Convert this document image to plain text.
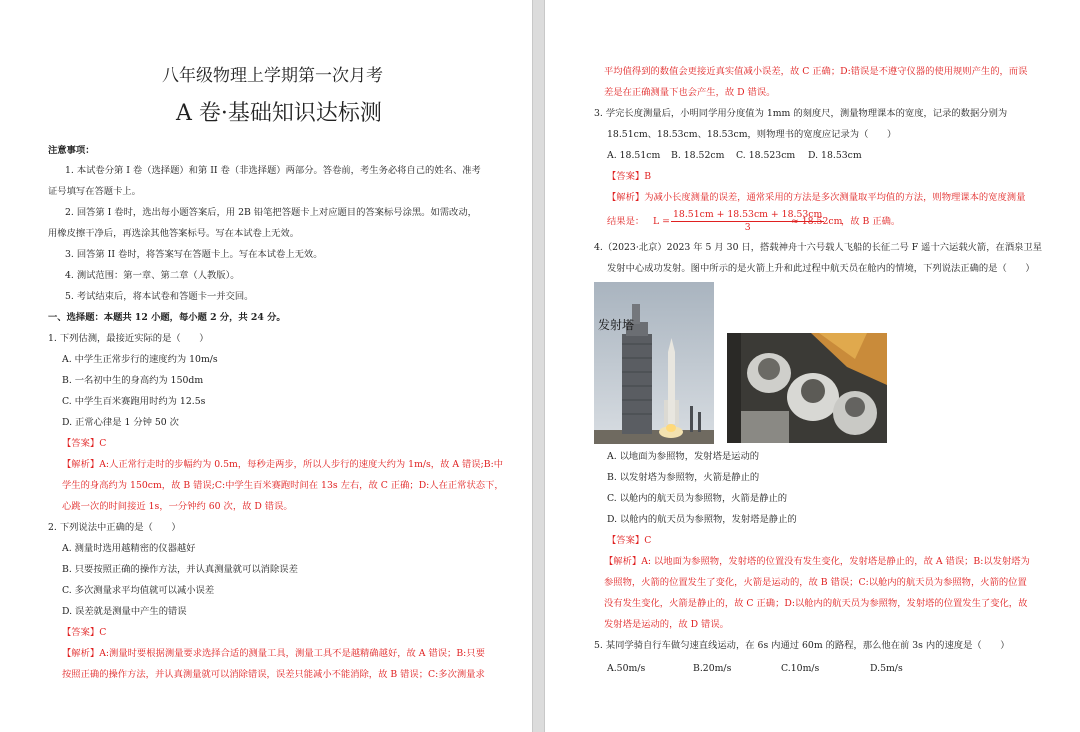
八年级物理上学期第一次月考
A 卷·基础知识达标测
注意事项：
1. 本试卷分第 I 卷（选择题）和第 II 卷（非选择题）两部分。答卷前，考生务必将自己的姓名、准考
证号填写在答题卡上。
2. 回答第 I 卷时，选出每小题答案后，用 2B 铅笔把答题卡上对应题目的答案标号涂黑。如需改动，
用橡皮擦干净后，再选涂其他答案标号。写在本试卷上无效。
3. 回答第 II 卷时，将答案写在答题卡上。写在本试卷上无效。
4. 测试范围：第一章、第二章（人教版）。
5. 考试结束后，将本试卷和答题卡一并交回。
一、选择题：本题共 12 小题，每小题 2 分，共 24 分。
1. 下列估测，最接近实际的是（　　）
A. 中学生正常步行的速度约为 10m/s
B. 一名初中生的身高约为 150dm
C. 中学生百米赛跑用时约为 12.5s
D. 正常心律是 1 分钟 50 次
【答案】C
【解析】A:人正常行走时的步幅约为 0.5m，每秒走两步，所以人步行的速度大约为 1m/s，故 A 错误;B:中
学生的身高约为 150cm，故 B 错误;C:中学生百米赛跑时间在 13s 左右，故 C 正确；D:人在正常状态下，
心跳一次的时间接近 1s，一分钟约 60 次，故 D 错误。
2. 下列说法中正确的是（　　）
A. 测量时选用越精密的仪器越好
B. 只要按照正确的操作方法，并认真测量就可以消除误差
C. 多次测量求平均值就可以减小误差
D. 误差就是测量中产生的错误
【答案】C
【解析】A:测量时要根据测量要求选择合适的测量工具，测量工具不是越精确越好，故 A 错误；B:只要
按照正确的操作方法，并认真测量就可以消除错误，误差只能减小不能消除，故 B 错误；C:多次测量求
平均值得到的数值会更接近真实值减小误差，故 C 正确；D:错误是不遵守仪器的使用规则产生的，而误
差是在正确测量下也会产生，故 D 错误。
3. 学完长度测量后，小明同学用分度值为 1mm 的刻度尺，测量物理课本的宽度，记录的数据分别为
18.51cm、18.53cm、18.53cm，则物理书的宽度应记录为（　　）
A. 18.51cm B. 18.52cm C. 18.523cm D. 18.53cm
【答案】B
【解析】为减小长度测量的误差，通常采用的方法是多次测量取平均值的方法，则物理课本的宽度测量
结果是： $L = \frac{18.51cm + 18.53cm + 18.53cm}{3}$
≈ 18.52cm
，故 B 正确。
4.（2023·北京）2023 年 5 月 30 日，搭载神舟十六号载人飞船的长征二号 F 遥十六运载火箭，在酒泉卫星
发射中心成功发射。图中所示的是火箭上升和此过程中航天员在舱内的情境，下列说法正确的是（　　）
发射塔
A. 以地面为参照物，发射塔是运动的
B. 以发射塔为参照物，火箭是静止的
C. 以舱内的航天员为参照物，火箭是静止的
D. 以舱内的航天员为参照物，发射塔是静止的
【答案】C
【解析】A: 以地面为参照物，发射塔的位置没有发生变化，发射塔是静止的，故 A 错误；B:以发射塔为
参照物，火箭的位置发生了变化，火箭是运动的，故 B 错误；C:以舱内的航天员为参照物，火箭的位置
没有发生变化，火箭是静止的，故 C 正确；D:以舱内的航天员为参照物，发射塔的位置发生了变化，故
发射塔是运动的，故 D 错误。
5. 某同学骑自行车做匀速直线运动，在 6s 内通过 60m 的路程，那么他在前 3s 内的速度是（　　）
A.50m/s	B.20m/s	C.10m/s	D.5m/s
